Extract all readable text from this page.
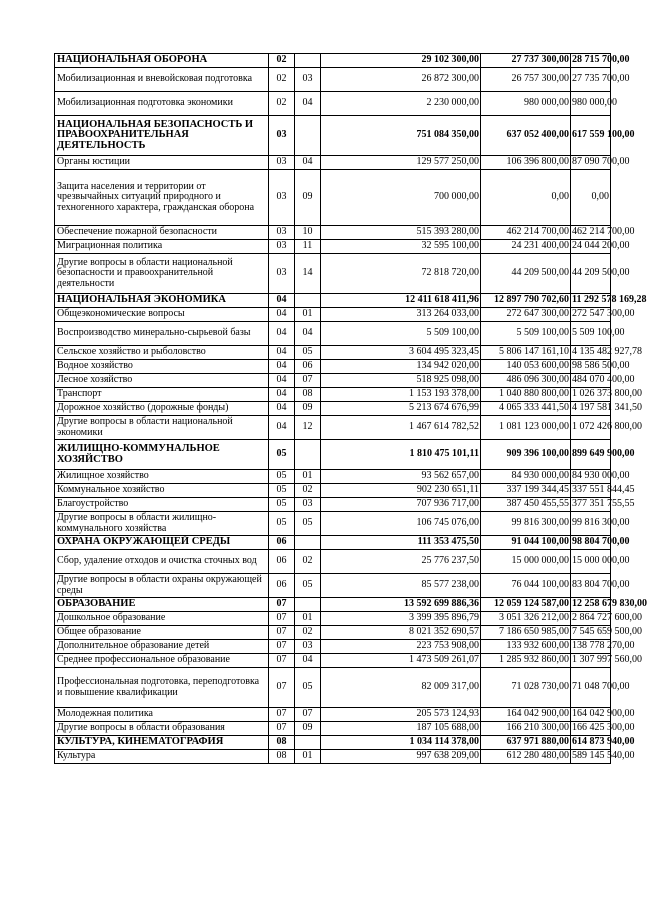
НАЦИОНАЛЬНАЯ ОБОРОНА	02		29 102 300,00	27 737 300,00	28 715 700,00
Мобилизационная и вневойсковая подготовка	02	03	26 872 300,00	26 757 300,00	27 735 700,00
Мобилизационная подготовка экономики	02	04	2 230 000,00	980 000,00	980 000,00
НАЦИОНАЛЬНАЯ БЕЗОПАСНОСТЬ И ПРАВООХРАНИТЕЛЬНАЯ ДЕЯТЕЛЬНОСТЬ	03		751 084 350,00	637 052 400,00	617 559 100,00
Органы юстиции	03	04	129 577 250,00	106 396 800,00	87 090 700,00
Защита населения и территории от чрезвычайных ситуаций природного и техногенного характера, гражданская оборона	03	09	700 000,00	0,00	0,00
Обеспечение пожарной безопасности	03	10	515 393 280,00	462 214 700,00	462 214 700,00
Миграционная политика	03	11	32 595 100,00	24 231 400,00	24 044 200,00
Другие вопросы в области национальной безопасности и правоохранительной деятельности	03	14	72 818 720,00	44 209 500,00	44 209 500,00
НАЦИОНАЛЬНАЯ ЭКОНОМИКА	04		12 411 618 411,96	12 897 790 702,60	11 292 578 169,28
Общеэкономические вопросы	04	01	313 264 033,00	272 647 300,00	272 547 300,00
Воспроизводство минерально-сырьевой базы	04	04	5 509 100,00	5 509 100,00	5 509 100,00
Сельское хозяйство и рыболовство	04	05	3 604 495 323,45	5 806 147 161,10	4 135 482 927,78
Водное хозяйство	04	06	134 942 020,00	140 053 600,00	98 586 500,00
Лесное хозяйство	04	07	518 925 098,00	486 096 300,00	484 070 400,00
Транспорт	04	08	1 153 193 378,00	1 040 880 800,00	1 026 373 800,00
Дорожное хозяйство (дорожные фонды)	04	09	5 213 674 676,99	4 065 333 441,50	4 197 581 341,50
Другие вопросы в области национальной экономики	04	12	1 467 614 782,52	1 081 123 000,00	1 072 426 800,00
ЖИЛИЩНО-КОММУНАЛЬНОЕ ХОЗЯЙСТВО	05		1 810 475 101,11	909 396 100,00	899 649 900,00
Жилищное хозяйство	05	01	93 562 657,00	84 930 000,00	84 930 000,00
Коммунальное хозяйство	05	02	902 230 651,11	337 199 344,45	337 551 844,45
Благоустройство	05	03	707 936 717,00	387 450 455,55	377 351 755,55
Другие вопросы в области жилищно-коммунального хозяйства	05	05	106 745 076,00	99 816 300,00	99 816 300,00
ОХРАНА ОКРУЖАЮЩЕЙ СРЕДЫ	06		111 353 475,50	91 044 100,00	98 804 700,00
Сбор, удаление отходов и очистка сточных вод	06	02	25 776 237,50	15 000 000,00	15 000 000,00
Другие вопросы в области охраны окружающей среды	06	05	85 577 238,00	76 044 100,00	83 804 700,00
ОБРАЗОВАНИЕ	07		13 592 699 886,36	12 059 124 587,00	12 258 679 830,00
Дошкольное образование	07	01	3 399 395 896,79	3 051 326 212,00	2 864 727 600,00
Общее образование	07	02	8 021 352 690,57	7 186 650 985,00	7 545 659 500,00
Дополнительное образование детей	07	03	223 753 908,00	133 932 600,00	138 778 270,00
Среднее профессиональное образование	07	04	1 473 509 261,07	1 285 932 860,00	1 307 997 560,00
Профессиональная подготовка, переподготовка и повышение квалификации	07	05	82 009 317,00	71 028 730,00	71 048 700,00
Молодежная политика	07	07	205 573 124,93	164 042 900,00	164 042 900,00
Другие вопросы в области образования	07	09	187 105 688,00	166 210 300,00	166 425 300,00
КУЛЬТУРА, КИНЕМАТОГРАФИЯ	08		1 034 114 378,00	637 971 880,00	614 873 940,00
Культура	08	01	997 638 209,00	612 280 480,00	589 145 540,00
